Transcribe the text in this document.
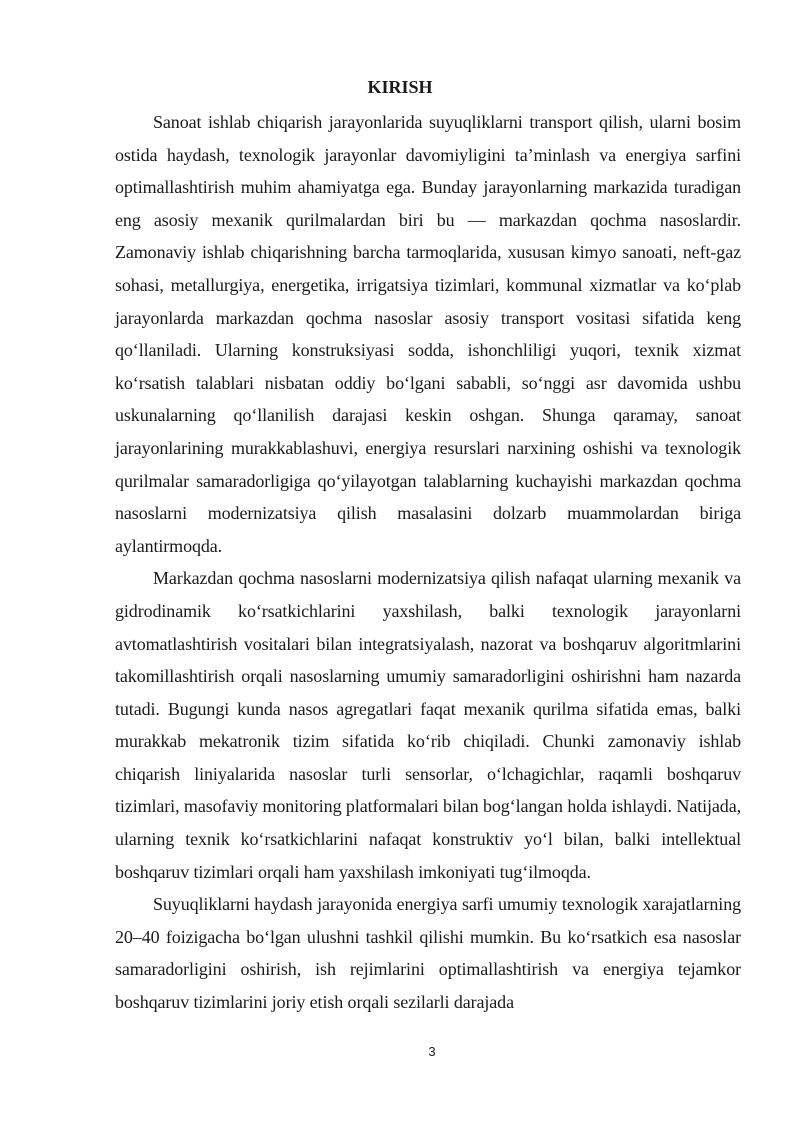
KIRISH

Sanoat ishlab chiqarish jarayonlarida suyuqliklarni transport qilish, ularni bosim ostida haydash, texnologik jarayonlar davomiyligini ta’minlash va energiya sarfini optimallashtirish muhim ahamiyatga ega. Bunday jarayonlarning markazida turadigan eng asosiy mexanik qurilmalardan biri bu — markazdan qochma nasoslardir. Zamonaviy ishlab chiqarishning barcha tarmoqlarida, xususan kimyo sanoati, neft-gaz sohasi, metallurgiya, energetika, irrigatsiya tizimlari, kommunal xizmatlar va ko‘plab jarayonlarda markazdan qochma nasoslar asosiy transport vositasi sifatida keng qo‘llaniladi. Ularning konstruksiyasi sodda, ishonchliligi yuqori, texnik xizmat ko‘rsatish talablari nisbatan oddiy bo‘lgani sababli, so‘nggi asr davomida ushbu uskunalarning qo‘llanilish darajasi keskin oshgan. Shunga qaramay, sanoat jarayonlarining murakkablashuvi, energiya resurslari narxining oshishi va texnologik qurilmalar samaradorligiga qo‘yilayotgan talablarning kuchayishi markazdan qochma nasoslarni modernizatsiya qilish masalasini dolzarb muammolardan biriga aylantirmoqda.

Markazdan qochma nasoslarni modernizatsiya qilish nafaqat ularning mexanik va gidrodinamik ko‘rsatkichlarini yaxshilash, balki texnologik jarayonlarni avtomatlashtirish vositalari bilan integratsiyalash, nazorat va boshqaruv algoritmlarini takomillashtirish orqali nasoslarning umumiy samaradorligini oshirishni ham nazarda tutadi. Bugungi kunda nasos agregatlari faqat mexanik qurilma sifatida emas, balki murakkab mekatronik tizim sifatida ko‘rib chiqiladi. Chunki zamonaviy ishlab chiqarish liniyalarida nasoslar turli sensorlar, o‘lchagichlar, raqamli boshqaruv tizimlari, masofaviy monitoring platformalari bilan bog‘langan holda ishlaydi. Natijada, ularning texnik ko‘rsatkichlarini nafaqat konstruktiv yo‘l bilan, balki intellektual boshqaruv tizimlari orqali ham yaxshilash imkoniyati tug‘ilmoqda.

Suyuqliklarni haydash jarayonida energiya sarfi umumiy texnologik xarajatlarning 20–40 foizigacha bo‘lgan ulushni tashkil qilishi mumkin. Bu ko‘rsatkich esa nasoslar samaradorligini oshirish, ish rejimlarini optimallashtirish va energiya tejamkor boshqaruv tizimlarini joriy etish orqali sezilarli darajada

3
